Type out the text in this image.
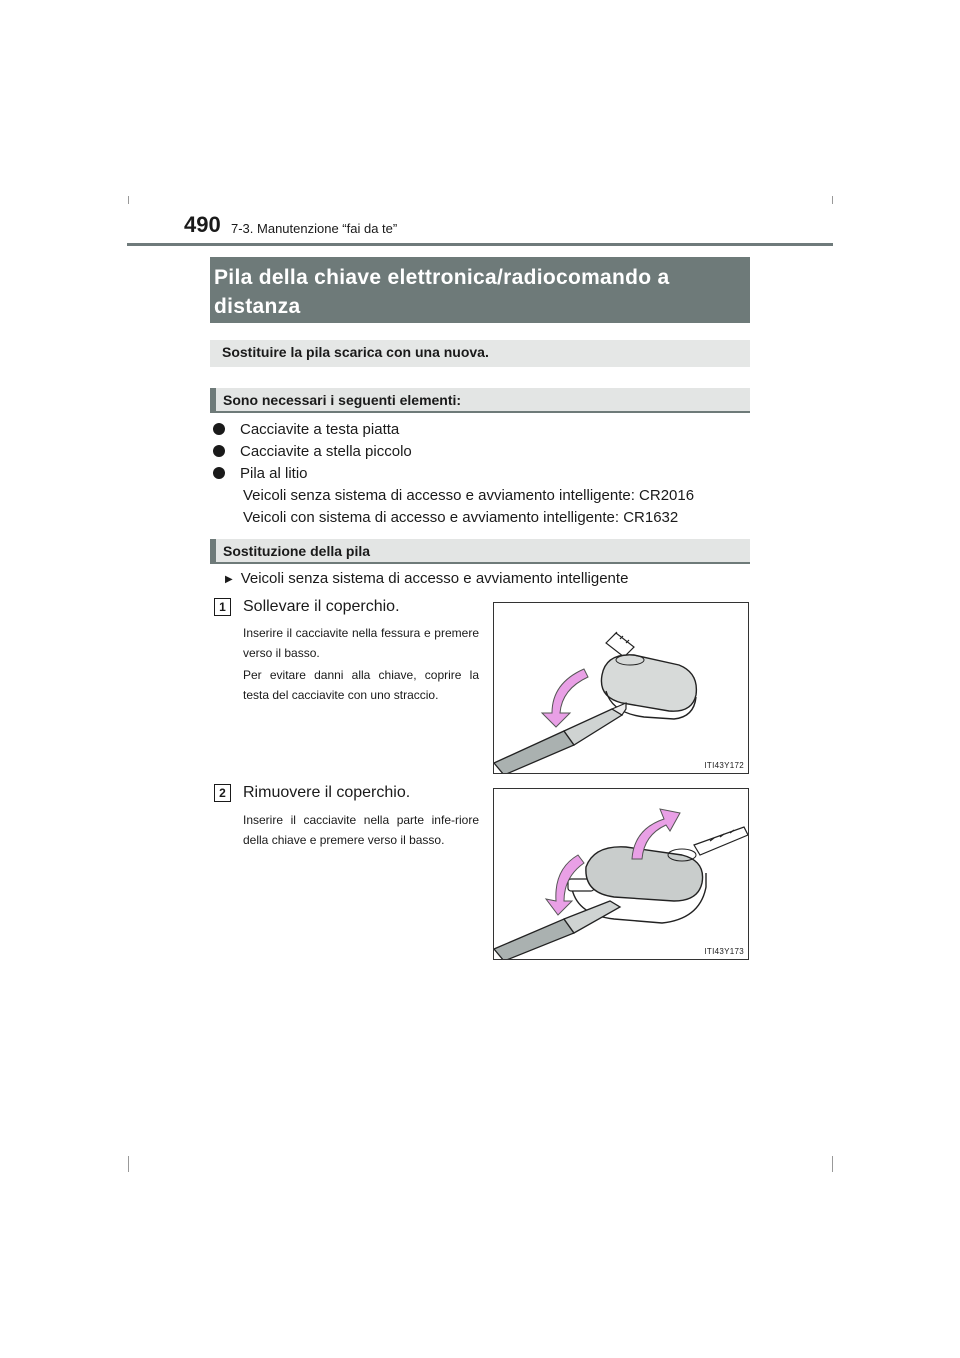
490 7-3. Manutenzione “fai da te”
Pila della chiave elettronica/radiocomando a
distanza
Sostituire la pila scarica con una nuova.
Sono necessari i seguenti elementi:
Cacciavite a testa piatta
Cacciavite a stella piccolo
Pila al litio
Veicoli senza sistema di accesso e avviamento intelligente: CR2016
Veicoli con sistema di accesso e avviamento intelligente: CR1632
Sostituzione della pila
▶ Veicoli senza sistema di accesso e avviamento intelligente
1	Sollevare il coperchio.
Inserire il cacciavite nella fessura e premere verso il basso.
Per evitare danni alla chiave, coprire la testa del cacciavite con uno straccio.
ITI43Y172
2	Rimuovere il coperchio.
Inserire il cacciavite nella parte infe-riore della chiave e premere verso il basso.
ITI43Y173
